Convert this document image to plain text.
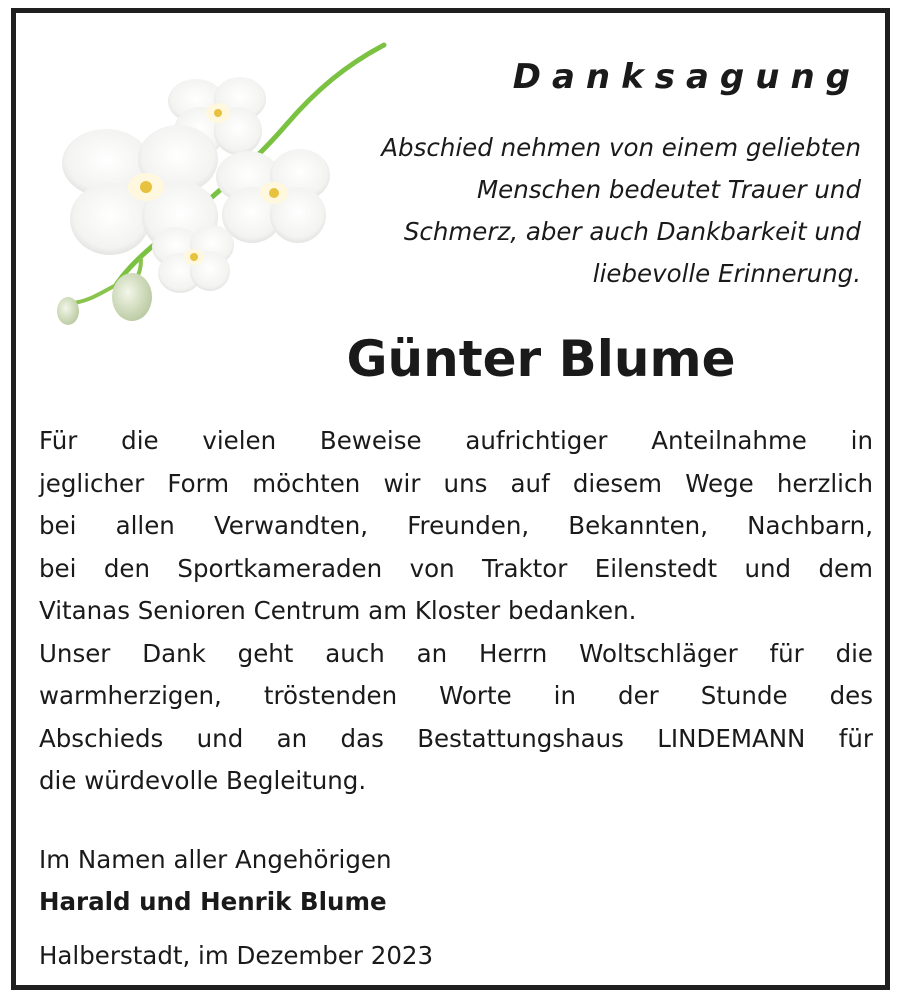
Danksagung
Abschied nehmen von einem geliebten
Menschen bedeutet Trauer und
Schmerz, aber auch Dankbarkeit und
liebevolle Erinnerung.
Günter Blume

Für die vielen Beweise aufrichtiger Anteilnahme in

jeglicher Form möchten wir uns auf diesem Wege herzlich

bei allen Verwandten, Freunden, Bekannten, Nachbarn,

bei den Sportkameraden von Traktor Eilenstedt und dem

Vitanas Senioren Centrum am Kloster bedanken.

Unser Dank geht auch an Herrn Woltschläger für die

warmherzigen, tröstenden Worte in der Stunde des

Abschieds und an das Bestattungshaus LINDEMANN für

die würdevolle Begleitung.

Im Namen aller Angehörigen
Harald und Henrik Blume
Halberstadt, im Dezember 2023
